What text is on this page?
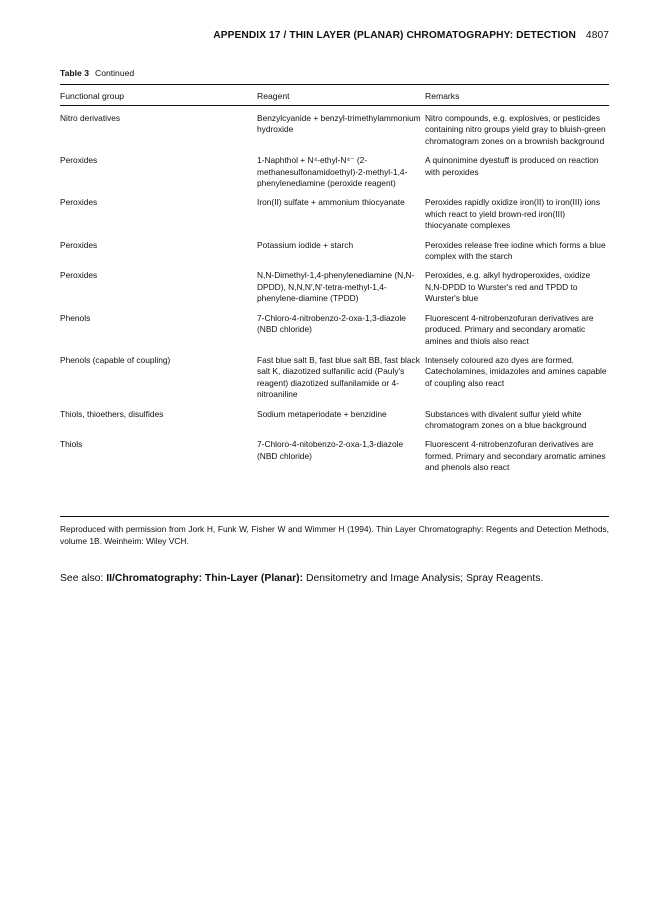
APPENDIX 17 / THIN LAYER (PLANAR) CHROMATOGRAPHY: DETECTION 4807
Table 3 Continued
Functional group	Reagent	Remarks
Nitro derivatives	Benzylcyanide + benzyl-trimethylammonium hydroxide	Nitro compounds, e.g. explosives, or pesticides containing nitro groups yield gray to bluish-green chromatogram zones on a brownish background
Peroxides	1-Naphthol + N⁴-ethyl-N⁴⁻ (2-methanesulfonamidoethyl)-2-methyl-1,4-phenylenediamine (peroxide reagent)	A quinonimine dyestuff is produced on reaction with peroxides
Peroxides	Iron(II) sulfate + ammonium thiocyanate	Peroxides rapidly oxidize iron(II) to iron(III) ions which react to yield brown-red iron(III) thiocyanate complexes
Peroxides	Potassium iodide + starch	Peroxides release free iodine which forms a blue complex with the starch
Peroxides	N,N-Dimethyl-1,4-phenylenediamine (N,N-DPDD), N,N,N′,N′-tetra-methyl-1,4-phenylene-diamine (TPDD)	Peroxides, e.g. alkyl hydroperoxides, oxidize N,N-DPDD to Wurster's red and TPDD to Wurster's blue
Phenols	7-Chloro-4-nitrobenzo-2-oxa-1,3-diazole (NBD chloride)	Fluorescent 4-nitrobenzofuran derivatives are produced. Primary and secondary aromatic amines and thiols also react
Phenols (capable of coupling)	Fast blue salt B, fast blue salt BB, fast black salt K, diazotized sulfanilic acid (Pauly's reagent) diazotized sulfanilamide or 4-nitroaniline	Intensely coloured azo dyes are formed. Catecholamines, imidazoles and amines capable of coupling also react
Thiols, thioethers, disulfides	Sodium metaperiodate + benzidine	Substances with divalent sulfur yield white chromatogram zones on a blue background
Thiols	7-Chloro-4-nitobenzo-2-oxa-1,3-diazole (NBD chloride)	Fluorescent 4-nitrobenzofuran derivatives are formed. Primary and secondary aromatic amines and phenols also react
Reproduced with permission from Jork H, Funk W, Fisher W and Wimmer H (1994). Thin Layer Chromatography: Regents and Detection Methods, volume 1B. Weinheim: Wiley VCH.
See also: II/Chromatography: Thin-Layer (Planar): Densitometry and Image Analysis; Spray Reagents.
